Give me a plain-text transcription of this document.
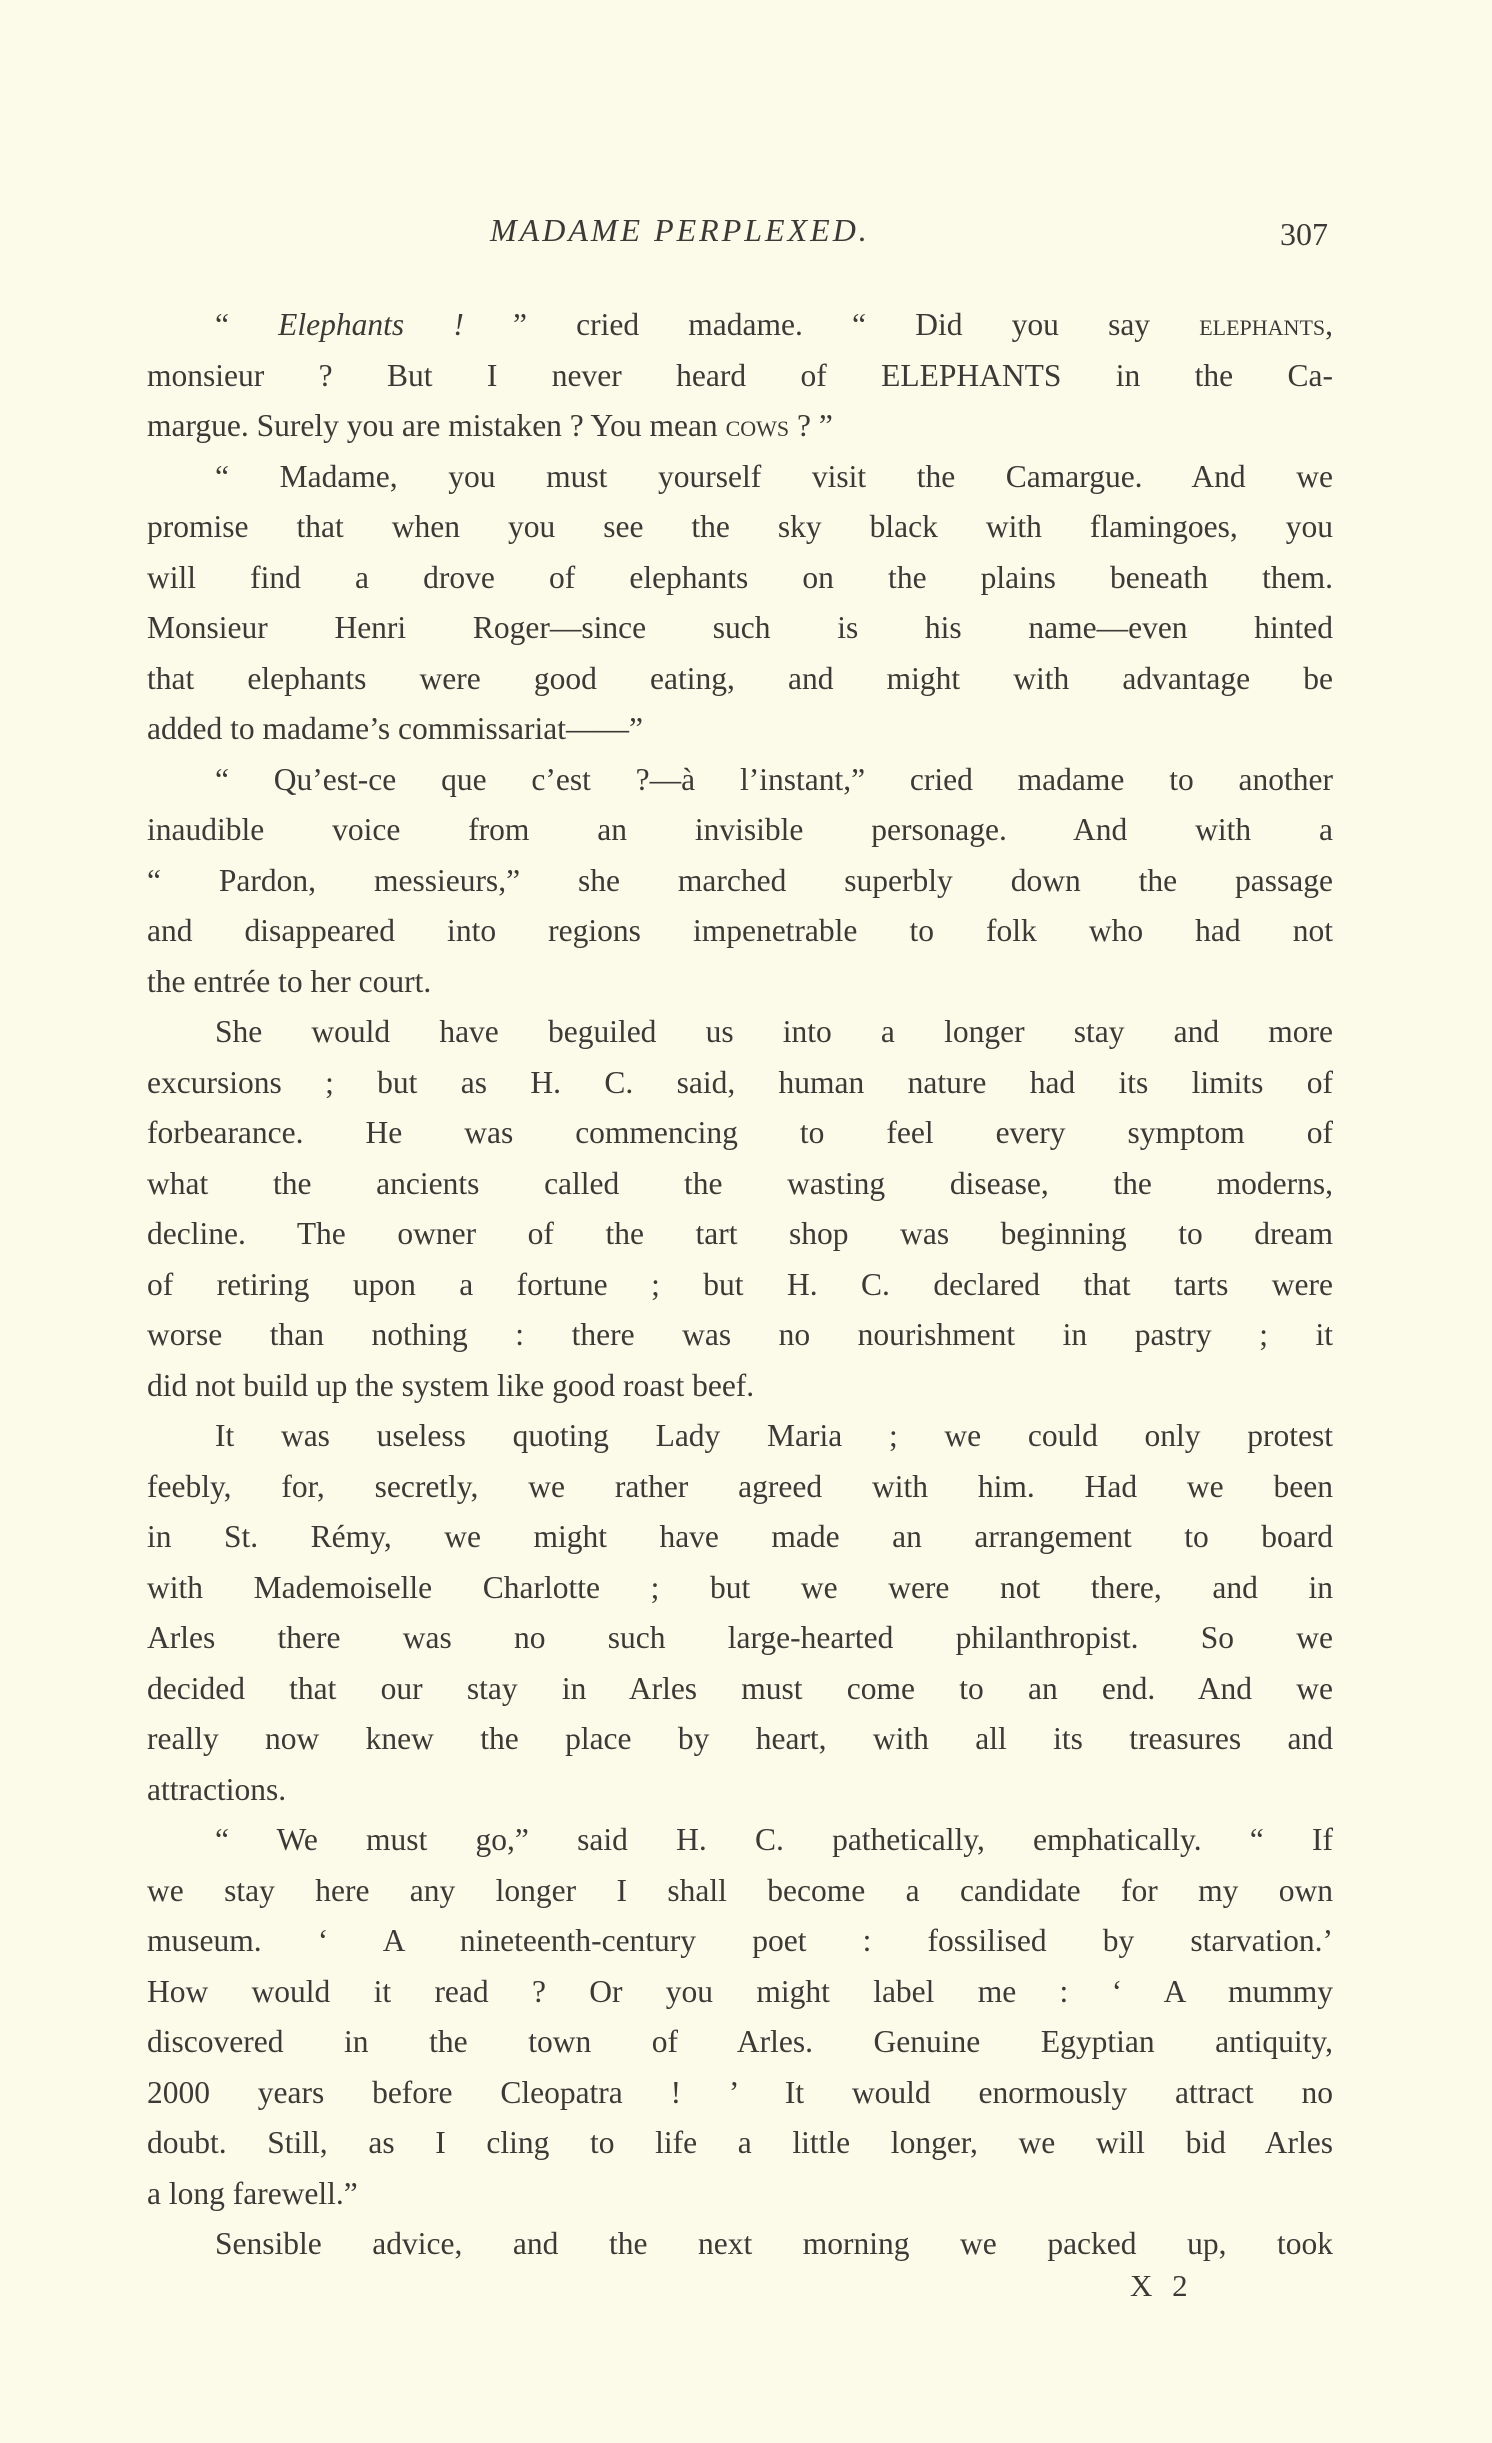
MADAME PERPLEXED.	307
“ Elephants ! ” cried madame. “ Did you say elephants,
monsieur ? But I never heard of ELEPHANTS in the Ca-
margue. Surely you are mistaken ? You mean cows ? ”
“ Madame, you must yourself visit the Camargue. And we
promise that when you see the sky black with flamingoes, you
will find a drove of elephants on the plains beneath them.
Monsieur Henri Roger—since such is his name—even hinted
that elephants were good eating, and might with advantage be
added to madame’s commissariat——”
“ Qu’est-ce que c’est ?—à l’instant,” cried madame to another
inaudible voice from an invisible personage. And with a
“ Pardon, messieurs,” she marched superbly down the passage
and disappeared into regions impenetrable to folk who had not
the entrée to her court.
She would have beguiled us into a longer stay and more
excursions ; but as H. C. said, human nature had its limits of
forbearance. He was commencing to feel every symptom of
what the ancients called the wasting disease, the moderns,
decline. The owner of the tart shop was beginning to dream
of retiring upon a fortune ; but H. C. declared that tarts were
worse than nothing : there was no nourishment in pastry ; it
did not build up the system like good roast beef.
It was useless quoting Lady Maria ; we could only protest
feebly, for, secretly, we rather agreed with him. Had we been
in St. Rémy, we might have made an arrangement to board
with Mademoiselle Charlotte ; but we were not there, and in
Arles there was no such large-hearted philanthropist. So we
decided that our stay in Arles must come to an end. And we
really now knew the place by heart, with all its treasures and
attractions.
“ We must go,” said H. C. pathetically, emphatically. “ If
we stay here any longer I shall become a candidate for my own
museum. ‘ A nineteenth-century poet : fossilised by starvation.’
How would it read ? Or you might label me : ‘ A mummy
discovered in the town of Arles. Genuine Egyptian antiquity,
2000 years before Cleopatra ! ’ It would enormously attract no
doubt. Still, as I cling to life a little longer, we will bid Arles
a long farewell.”
Sensible advice, and the next morning we packed up, took
X 2
